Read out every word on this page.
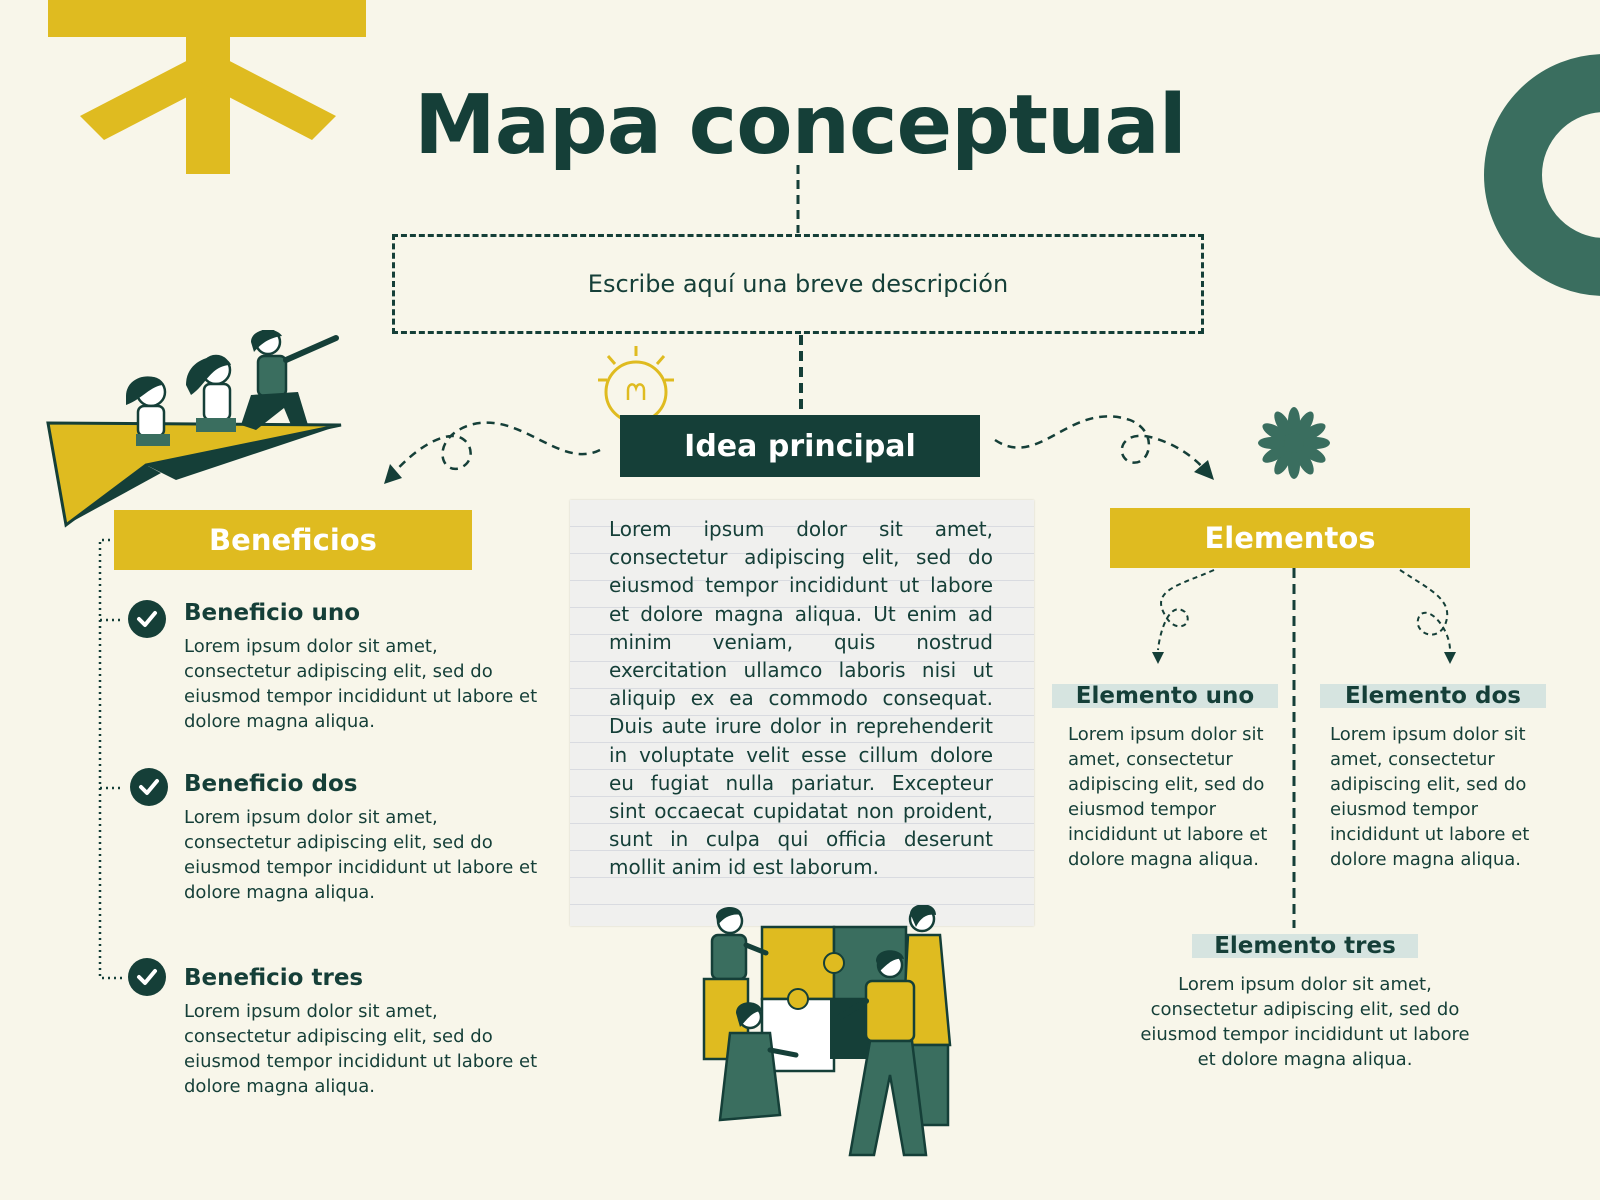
Mapa conceptual
Escribe aquí una breve descripción
Idea principal
Lorem ipsum dolor sit amet, consectetur adipiscing elit, sed do eiusmod tempor incididunt ut labore et dolore magna aliqua. Ut enim ad minim veniam, quis nostrud exercitation ullamco laboris nisi ut aliquip ex ea commodo consequat. Duis aute irure dolor in reprehenderit in voluptate velit esse cillum dolore eu fugiat nulla pariatur. Excepteur sint occaecat cupidatat non proident, sunt in culpa qui officia deserunt mollit anim id est laborum.
Beneficios
Beneficio uno
Lorem ipsum dolor sit amet, consectetur adipiscing elit, sed do eiusmod tempor incididunt ut labore et dolore magna aliqua.
Beneficio dos
Lorem ipsum dolor sit amet, consectetur adipiscing elit, sed do eiusmod tempor incididunt ut labore et dolore magna aliqua.
Beneficio tres
Lorem ipsum dolor sit amet, consectetur adipiscing elit, sed do eiusmod tempor incididunt ut labore et dolore magna aliqua.
Elementos
Elemento uno
Lorem ipsum dolor sit amet, consectetur adipiscing elit, sed do eiusmod tempor incididunt ut labore et dolore magna aliqua.
Elemento dos
Lorem ipsum dolor sit amet, consectetur adipiscing elit, sed do eiusmod tempor incididunt ut labore et dolore magna aliqua.
Elemento tres
Lorem ipsum dolor sit amet, consectetur adipiscing elit, sed do eiusmod tempor incididunt ut labore et dolore magna aliqua.
